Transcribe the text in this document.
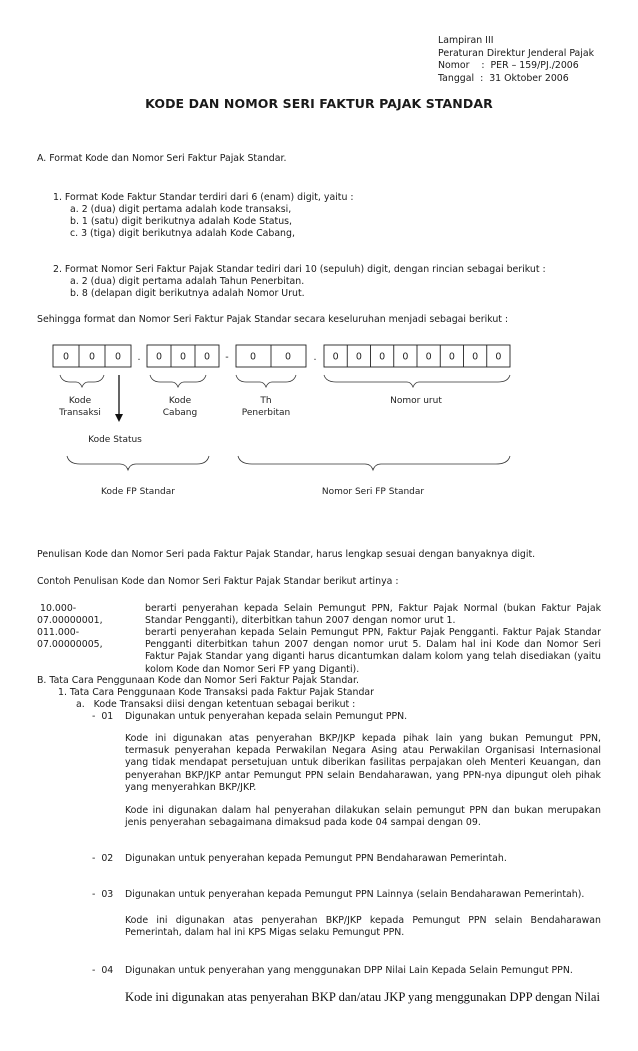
Lampiran III
Peraturan Direktur Jenderal Pajak
Nomor    :  PER – 159/PJ./2006
Tanggal  :  31 Oktober 2006
KODE DAN NOMOR SERI FAKTUR PAJAK STANDAR
A. Format Kode dan Nomor Seri Faktur Pajak Standar.
1. Format Kode Faktur Standar terdiri dari 6 (enam) digit, yaitu :
a. 2 (dua) digit pertama adalah kode transaksi,
b. 1 (satu) digit berikutnya adalah Kode Status,
c. 3 (tiga) digit berikutnya adalah Kode Cabang,
2. Format Nomor Seri Faktur Pajak Standar tediri dari 10 (sepuluh) digit, dengan rincian sebagai berikut :
a. 2 (dua) digit pertama adalah Tahun Penerbitan.
b. 8 (delapan digit berikutnya adalah Nomor Urut.
Sehingga format dan Nomor Seri Faktur Pajak Standar secara keseluruhan menjadi sebagai berikut :
0 0 0	0 0 0	0	0	0 0 0 0 0 0 0 0
.	-	.
Kode
Transaksi
Kode
Cabang
Th
Penerbitan
Nomor urut
Kode Status
Kode FP Standar	Nomor Seri FP Standar
Penulisan Kode dan Nomor Seri pada Faktur Pajak Standar, harus lengkap sesuai dengan banyaknya digit.
Contoh Penulisan Kode dan Nomor Seri Faktur Pajak Standar berikut artinya :
10.000-
07.00000001,
berarti penyerahan kepada Selain Pemungut PPN, Faktur Pajak Normal (bukan Faktur Pajak Standar Pengganti), diterbitkan tahun 2007 dengan nomor urut 1.
011.000-
07.00000005,
berarti penyerahan kepada Selain Pemungut PPN, Faktur Pajak Pengganti. Faktur Pajak Standar Pengganti diterbitkan tahun 2007 dengan nomor urut 5. Dalam hal ini Kode dan Nomor Seri Faktur Pajak Standar yang diganti harus dicantumkan dalam kolom yang telah disediakan (yaitu kolom Kode dan Nomor Seri FP yang Diganti).
B. Tata Cara Penggunaan Kode dan Nomor Seri Faktur Pajak Standar.
1. Tata Cara Penggunaan Kode Transaksi pada Faktur Pajak Standar
a.   Kode Transaksi diisi dengan ketentuan sebagai berikut :
-  01 Digunakan untuk penyerahan kepada selain Pemungut PPN.
Kode ini digunakan atas penyerahan BKP/JKP kepada pihak lain yang bukan Pemungut PPN, termasuk penyerahan kepada Perwakilan Negara Asing atau Perwakilan Organisasi Internasional yang tidak mendapat persetujuan untuk diberikan fasilitas perpajakan oleh Menteri Keuangan, dan penyerahan BKP/JKP antar Pemungut PPN selain Bendaharawan, yang PPN-nya dipungut oleh pihak yang menyerahkan BKP/JKP.
Kode ini digunakan dalam hal penyerahan dilakukan selain pemungut PPN dan bukan merupakan jenis penyerahan sebagaimana dimaksud pada kode 04 sampai dengan 09.
-  02 Digunakan untuk penyerahan kepada Pemungut PPN Bendaharawan Pemerintah.
-  03 Digunakan untuk penyerahan kepada Pemungut PPN Lainnya (selain Bendaharawan Pemerintah).
Kode ini digunakan atas penyerahan BKP/JKP kepada Pemungut PPN selain Bendaharawan Pemerintah, dalam hal ini KPS Migas selaku Pemungut PPN.
-  04 Digunakan untuk penyerahan yang menggunakan DPP Nilai Lain Kepada Selain Pemungut PPN.
Kode ini digunakan atas penyerahan BKP dan/atau JKP yang menggunakan DPP dengan Nilai
